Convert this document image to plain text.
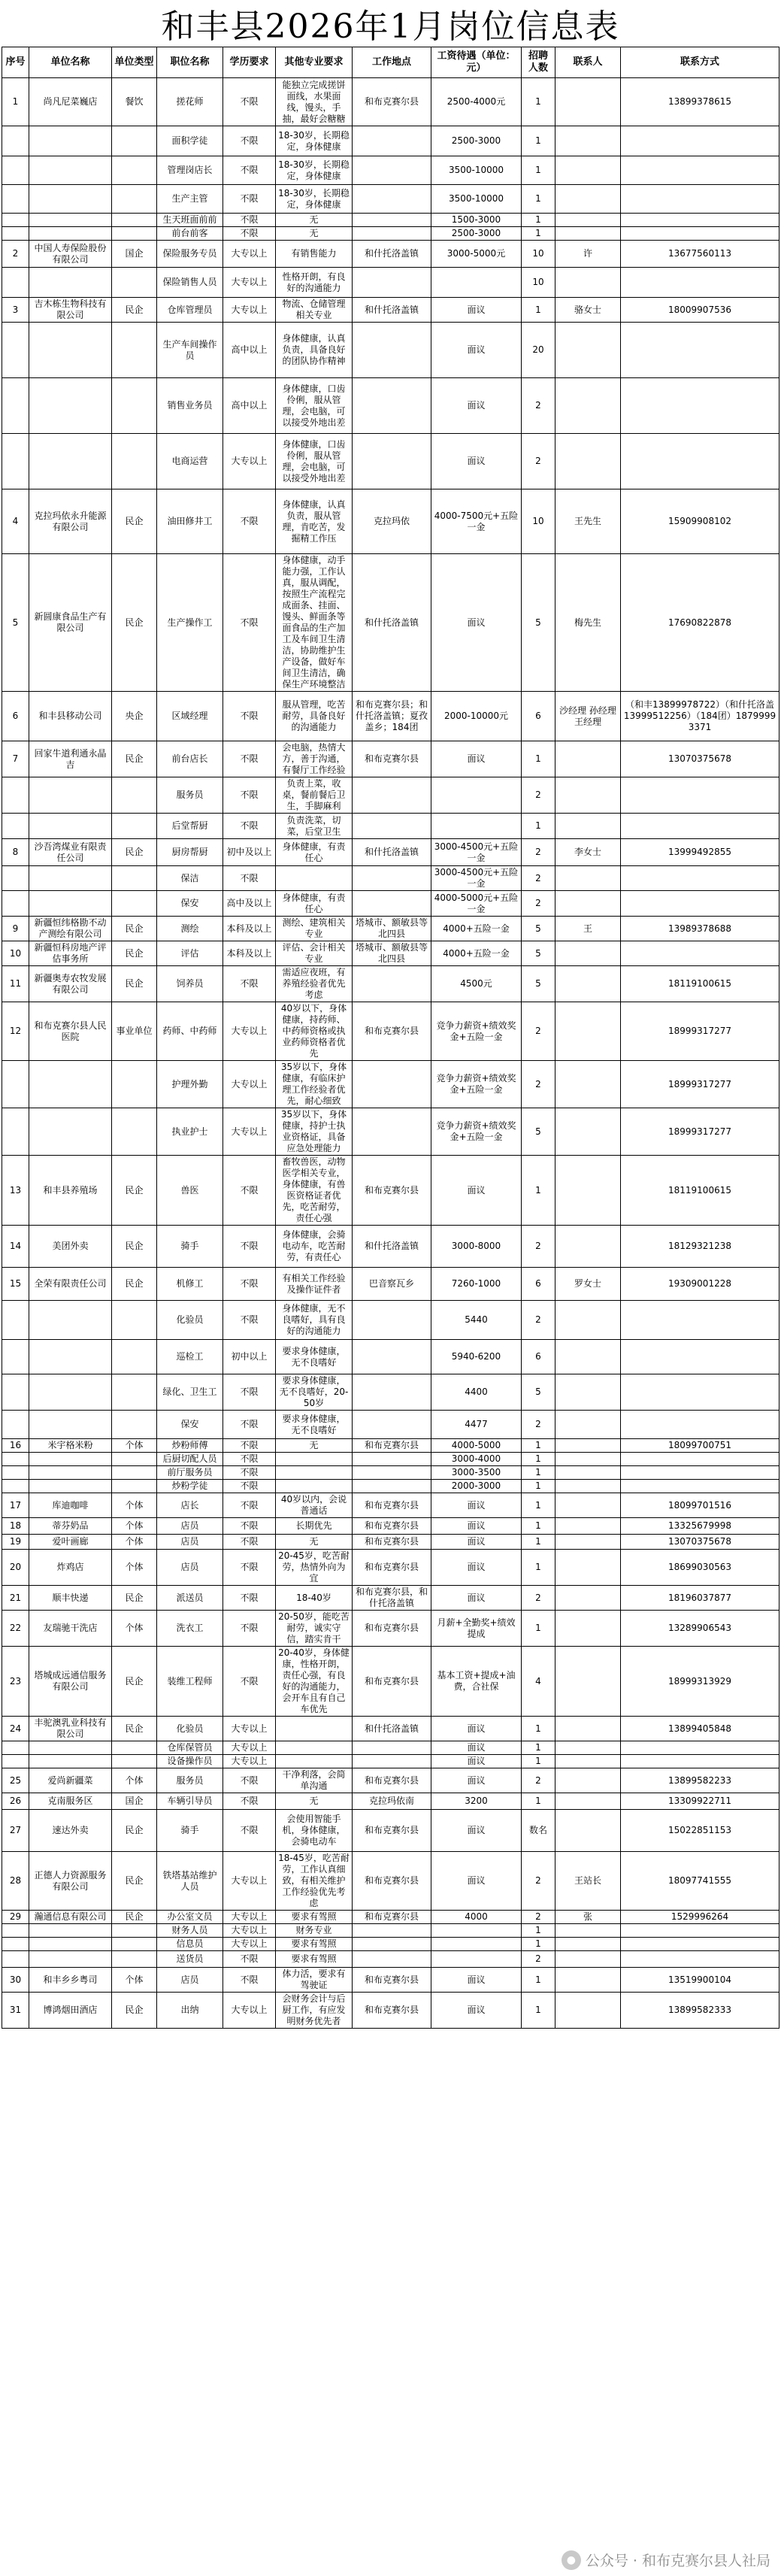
和丰县2026年1月岗位信息表
序号	单位名称	单位类型	职位名称	学历要求	其他专业要求	工作地点	工资待遇（单位：元）	招聘人数	联系人	联系方式
1	尚凡尼菜巍店	餐饮	搓花师	不限	能独立完成搓饼面线，水果面线，馒头，手抽，最好会糖糖	和布克赛尔县	2500-4000元	1		13899378615
			面积学徒	不限	18-30岁，长期稳定，身体健康		2500-3000	1		
			管理岗店长	不限	18-30岁，长期稳定，身体健康		3500-10000	1		
			生产主管	不限	18-30岁，长期稳定，身体健康		3500-10000	1		
			生天班面前前	不限	无		1500-3000	1		
			前台前客	不限	无		2500-3000	1		
2	中国人寿保险股份有限公司	国企	保险服务专员	大专以上	有销售能力	和什托洛盖镇	3000-5000元	10	许	13677560113
			保险销售人员	大专以上	性格开朗，有良好的沟通能力			10		
3	吉木栋生物科技有限公司	民企	仓库管理员	大专以上	物流、仓储管理相关专业	和什托洛盖镇	面议	1	骆女士	18009907536
			生产车间操作员	高中以上	身体健康，认真负责，具备良好的团队协作精神		面议	20		
			销售业务员	高中以上	身体健康，口齿伶俐，服从管理，会电脑，可以接受外地出差		面议	2		
			电商运营	大专以上	身体健康，口齿伶俐，服从管理，会电脑，可以接受外地出差		面议	2		
4	克拉玛依永升能源有限公司	民企	油田修井工	不限	身体健康，认真负责，服从管理，肯吃苦，发掘精工作压	克拉玛依	4000-7500元+五险一金	10	王先生	15909908102
5	新圆康食品生产有限公司	民企	生产操作工	不限	身体健康，动手能力强，工作认真，服从调配，按照生产流程完成面条、挂面、馒头、鲜面条等面食品的生产加工及车间卫生清洁，协助维护生产设备，做好车间卫生清洁，确保生产环境整洁	和什托洛盖镇	面议	5	梅先生	17690822878
6	和丰县移动公司	央企	区域经理	不限	服从管理，吃苦耐劳，具备良好的沟通能力	和布克赛尔县；和什托洛盖镇；夏孜盖乡；184团	2000-10000元	6	沙经理 孙经理 王经理	（和丰13899978722）（和什托洛盖13999512256）（184团）18799993371
7	回家牛道利通永晶吉	民企	前台店长	不限	会电脑，热情大方，善于沟通，有餐厅工作经验	和布克赛尔县	面议	1		13070375678
			服务员	不限	负责上菜，收桌，餐前餐后卫生，手脚麻利			2		
			后堂帮厨	不限	负责洗菜，切菜，后堂卫生			1		
8	沙吾湾煤业有限责任公司	民企	厨房帮厨	初中及以上	身体健康，有责任心	和什托洛盖镇	3000-4500元+五险一金	2	李女士	13999492855
			保洁	不限			3000-4500元+五险一金	2		
			保安	高中及以上	身体健康，有责任心		4000-5000元+五险一金	2		
9	新疆恒纬格勘不动产测绘有限公司	民企	测绘	本科及以上	测绘、建筑相关专业	塔城市、额敏县等北四县	4000+五险一金	5	王	13989378688
10	新疆恒科房地产评估事务所	民企	评估	本科及以上	评估、会计相关专业	塔城市、额敏县等北四县	4000+五险一金	5		
11	新疆奥寿农牧发展有限公司	民企	饲养员	不限	需适应夜班，有养殖经验者优先考虑		4500元	5		18119100615
12	和布克赛尔县人民医院	事业单位	药师、中药师	大专以上	40岁以下，身体健康，持药师、中药师资格或执业药师资格者优先	和布克赛尔县	竞争力薪资+绩效奖金+五险一金	2		18999317277
			护理外勤	大专以上	35岁以下，身体健康，有临床护理工作经验者优先，耐心细致		竞争力薪资+绩效奖金+五险一金	2		18999317277
			执业护士	大专以上	35岁以下，身体健康，持护士执业资格证，具备应急处理能力		竞争力薪资+绩效奖金+五险一金	5		18999317277
13	和丰县养殖场	民企	兽医	不限	畜牧兽医，动物医学相关专业，身体健康，有兽医资格证者优先，吃苦耐劳，责任心强	和布克赛尔县	面议	1		18119100615
14	美团外卖	民企	骑手	不限	身体健康，会骑电动车，吃苦耐劳，有责任心	和什托洛盖镇	3000-8000	2		18129321238
15	全荣有限责任公司	民企	机修工	不限	有相关工作经验及操作证件者	巴音察瓦乡	7260-1000	6	罗女士	19309001228
			化验员	不限	身体健康，无不良嗜好，具有良好的沟通能力		5440	2		
			巡检工	初中以上	要求身体健康，无不良嗜好		5940-6200	6		
			绿化、卫生工	不限	要求身体健康，无不良嗜好，20-50岁		4400	5		
			保安	不限	要求身体健康，无不良嗜好		4477	2		
16	米宇格米粉	个体	炒粉师傅	不限	无	和布克赛尔县	4000-5000	1		18099700751
			后厨切配人员	不限			3000-4000	1		
			前厅服务员	不限			3000-3500	1		
			炒粉学徒	不限			2000-3000	1		
17	库迪咖啡	个体	店长	不限	40岁以内，会说普通话	和布克赛尔县	面议	1		18099701516
18	蒂芬奶品	个体	店员	不限	长期优先	和布克赛尔县	面议	1		13325679998
19	爱叶画廊	个体	店员	不限	无	和布克赛尔县	面议	1		13070375678
20	炸鸡店	个体	店员	不限	20-45岁，吃苦耐劳，热情外向为宜	和布克赛尔县	面议	1		18699030563
21	顺丰快递	民企	派送员	不限	18-40岁	和布克赛尔县，和什托洛盖镇	面议	2		18196037877
22	友瑞驰干洗店	个体	洗衣工	不限	20-50岁，能吃苦耐劳，诚实守信，踏实肯干	和布克赛尔县	月薪+全勤奖+绩效提成	1		13289906543
23	塔城成远通信服务有限公司	民企	装维工程师	不限	20-40岁，身体健康，性格开朗，责任心强，有良好的沟通能力，会开车且有自己车优先	和布克赛尔县	基本工资+提成+油费，合社保	4		18999313929
24	丰驼澳乳业科技有限公司	民企	化验员	大专以上		和什托洛盖镇	面议	1		13899405848
			仓库保管员	大专以上			面议	1		
			设备操作员	大专以上			面议	1		
25	爱尚新疆菜	个体	服务员	不限	干净利落，会简单沟通	和布克赛尔县	面议	2		13899582233
26	克南服务区	国企	车辆引导员	不限	无	克拉玛依南	3200	1		13309922711
27	速达外卖	民企	骑手	不限	会使用智能手机，身体健康，会骑电动车	和布克赛尔县	面议	数名		15022851153
28	正德人力资源服务有限公司	民企	铁塔基站维护人员	大专以上	18-45岁，吃苦耐劳，工作认真细致，有相关维护工作经验优先考虑	和布克赛尔县	面议	2	王站长	18097741555
29	瀚通信息有限公司	民企	办公室文员	大专以上	要求有驾照	和布克赛尔县	4000	2	张	1529996264
			财务人员	大专以上	财务专业			1		
			信息员	大专以上	要求有驾照			1		
			送货员	不限	要求有驾照			2		
30	和丰乡乡粤司	个体	店员	不限	体力活，要求有驾驶证	和布克赛尔县	面议	1		13519900104
31	博鸿烟田酒店	民企	出纳	大专以上	会财务会计与后厨工作，有应发明财务优先者	和布克赛尔县	面议	1		13899582333
● 公众号 · 和布克赛尔县人社局
